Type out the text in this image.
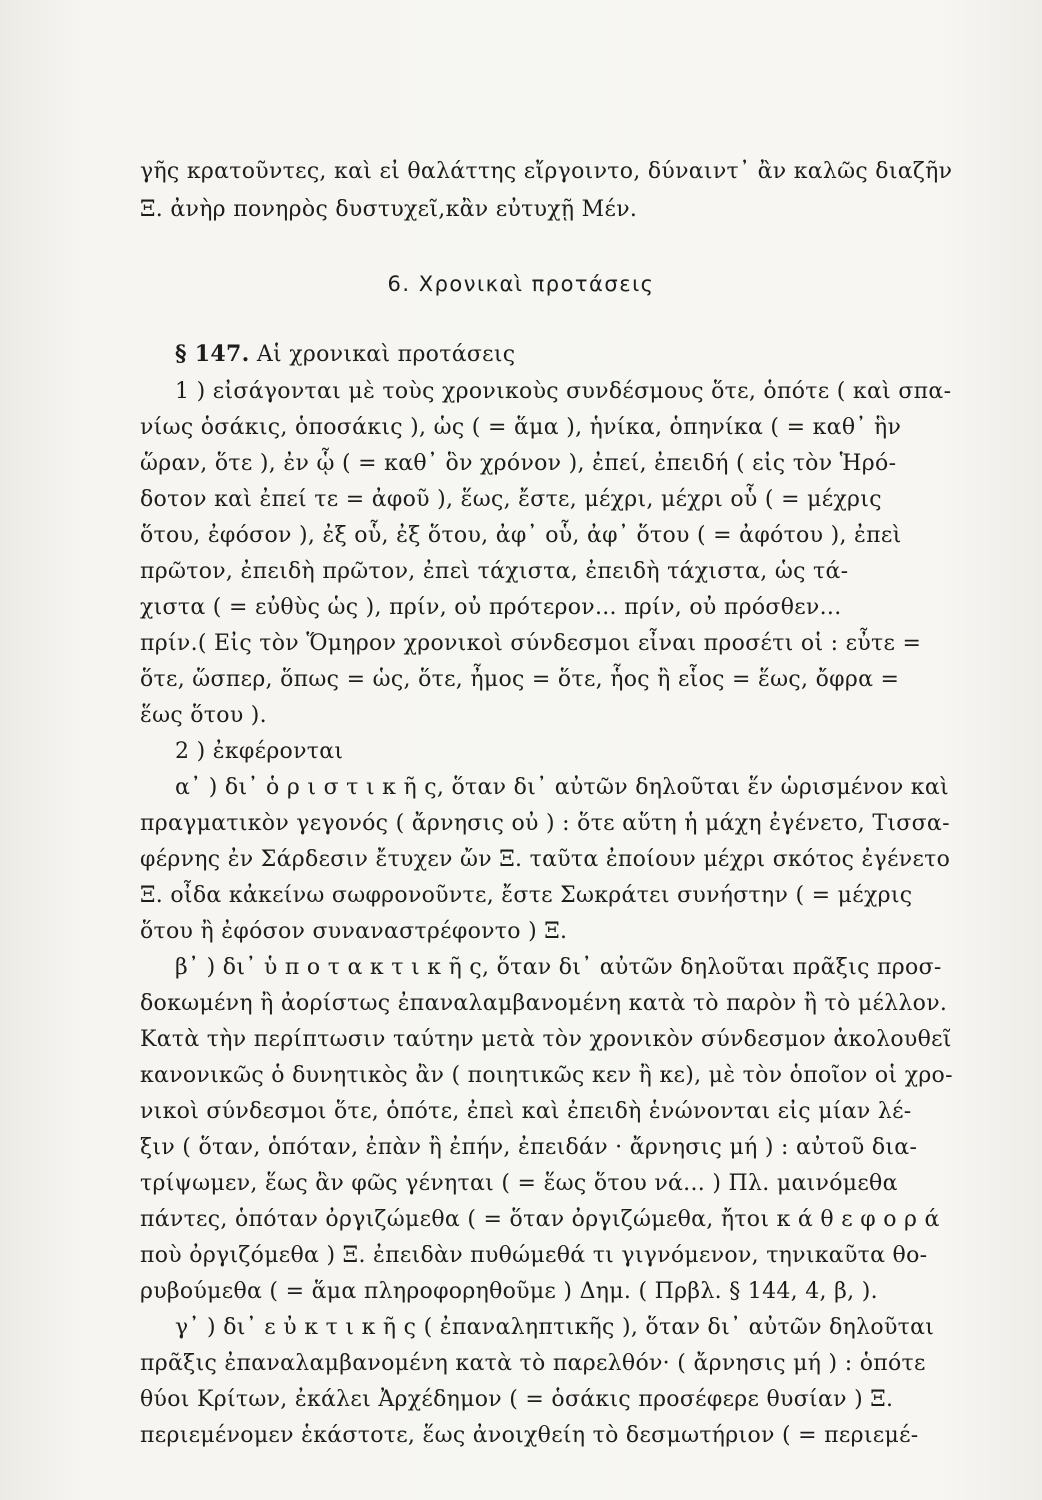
γῆς κρατοῦντες, καὶ εἰ θαλάττης εἴργοιντο, δύναιντ᾽ ἂν καλῶς διαζῆν
Ξ. ἀνὴρ πονηρὸς δυστυχεῖ,κἂν εὐτυχῇ Μέν.
6. Χρονικαὶ προτάσεις
§ 147. Αἱ χρονικαὶ προτάσεις
1 ) εἰσάγονται μὲ τοὺς χρονικοὺς συνδέσμους ὅτε, ὁπότε ( καὶ σπα-
νίως ὁσάκις, ὁποσάκις ), ὡς ( = ἅμα ), ἡνίκα, ὁπηνίκα ( = καθ᾽ ἣν
ὥραν, ὅτε ), ἐν ᾧ ( = καθ᾽ ὃν χρόνον ), ἐπεί, ἐπειδή ( εἰς τὸν Ἡρό-
δοτον καὶ ἐπεί τε = ἀφοῦ ), ἕως, ἔστε, μέχρι, μέχρι οὗ ( = μέχρις
ὅτου, ἐφόσον ), ἐξ οὗ, ἐξ ὅτου, ἀφ᾽ οὗ, ἀφ᾽ ὅτου ( = ἀφότου ), ἐπεὶ
πρῶτον, ἐπειδὴ πρῶτον, ἐπεὶ τάχιστα, ἐπειδὴ τάχιστα, ὡς τά-
χιστα ( = εὐθὺς ὡς ), πρίν, οὐ πρότερον... πρίν, οὐ πρόσθεν...
πρίν.( Εἰς τὸν Ὅμηρον χρονικοὶ σύνδεσμοι εἶναι προσέτι οἱ : εὖτε =
ὅτε, ὥσπερ, ὅπως = ὡς, ὅτε, ἦμος = ὅτε, ἧος ἢ εἷος = ἕως, ὄφρα =
ἕως ὅτου ).
2 ) ἐκφέρονται
α᾽ ) δι᾽ ὁ ρ ι σ τ ι κ ῆ ς, ὅταν δι᾽ αὐτῶν δηλοῦται ἕν ὡρισμένον καὶ
πραγματικὸν γεγονός ( ἄρνησις οὐ ) : ὅτε αὕτη ἡ μάχη ἐγένετο, Τισσα-
φέρνης ἐν Σάρδεσιν ἔτυχεν ὤν Ξ. ταῦτα ἐποίουν μέχρι σκότος ἐγένετο
Ξ. οἶδα κἀκείνω σωφρονοῦντε, ἔστε Σωκράτει συνήστην ( = μέχρις
ὅτου ἢ ἐφόσον συναναστρέφοντο ) Ξ.
β᾽ ) δι᾽ ὑ π ο τ α κ τ ι κ ῆ ς, ὅταν δι᾽ αὐτῶν δηλοῦται πρᾶξις προσ-
δοκωμένη ἢ ἀορίστως ἐπαναλαμβανομένη κατὰ τὸ παρὸν ἢ τὸ μέλλον.
Κατὰ τὴν περίπτωσιν ταύτην μετὰ τὸν χρονικὸν σύνδεσμον ἀκολουθεῖ
κανονικῶς ὁ δυνητικὸς ἂν ( ποιητικῶς κεν ἢ κε), μὲ τὸν ὁποῖον οἱ χρο-
νικοὶ σύνδεσμοι ὅτε, ὁπότε, ἐπεὶ καὶ ἐπειδὴ ἑνώνονται εἰς μίαν λέ-
ξιν ( ὅταν, ὁπόταν, ἐπὰν ἢ ἐπήν, ἐπειδάν · ἄρνησις μή ) : αὐτοῦ δια-
τρίψωμεν, ἕως ἂν φῶς γένηται ( = ἕως ὅτου νά... ) Πλ. μαινόμεθα
πάντες, ὁπόταν ὀργιζώμεθα ( = ὅταν ὀργιζώμεθα, ἤτοι κ ά θ ε φ ο ρ ά
ποὺ ὀργιζόμεθα ) Ξ. ἐπειδὰν πυθώμεθά τι γιγνόμενον, τηνικαῦτα θο-
ρυβούμεθα ( = ἅμα πληροφορηθοῦμε ) Δημ. ( Πρβλ. § 144, 4, β, ).
γ᾽ ) δι᾽ ε ὐ κ τ ι κ ῆ ς ( ἐπαναληπτικῆς ), ὅταν δι᾽ αὐτῶν δηλοῦται
πρᾶξις ἐπαναλαμβανομένη κατὰ τὸ παρελθόν· ( ἄρνησις μή ) : ὁπότε
θύοι Κρίτων, ἐκάλει Ἀρχέδημον ( = ὁσάκις προσέφερε θυσίαν ) Ξ.
περιεμένομεν ἑκάστοτε, ἕως ἀνοιχθείη τὸ δεσμωτήριον ( = περιεμέ-
